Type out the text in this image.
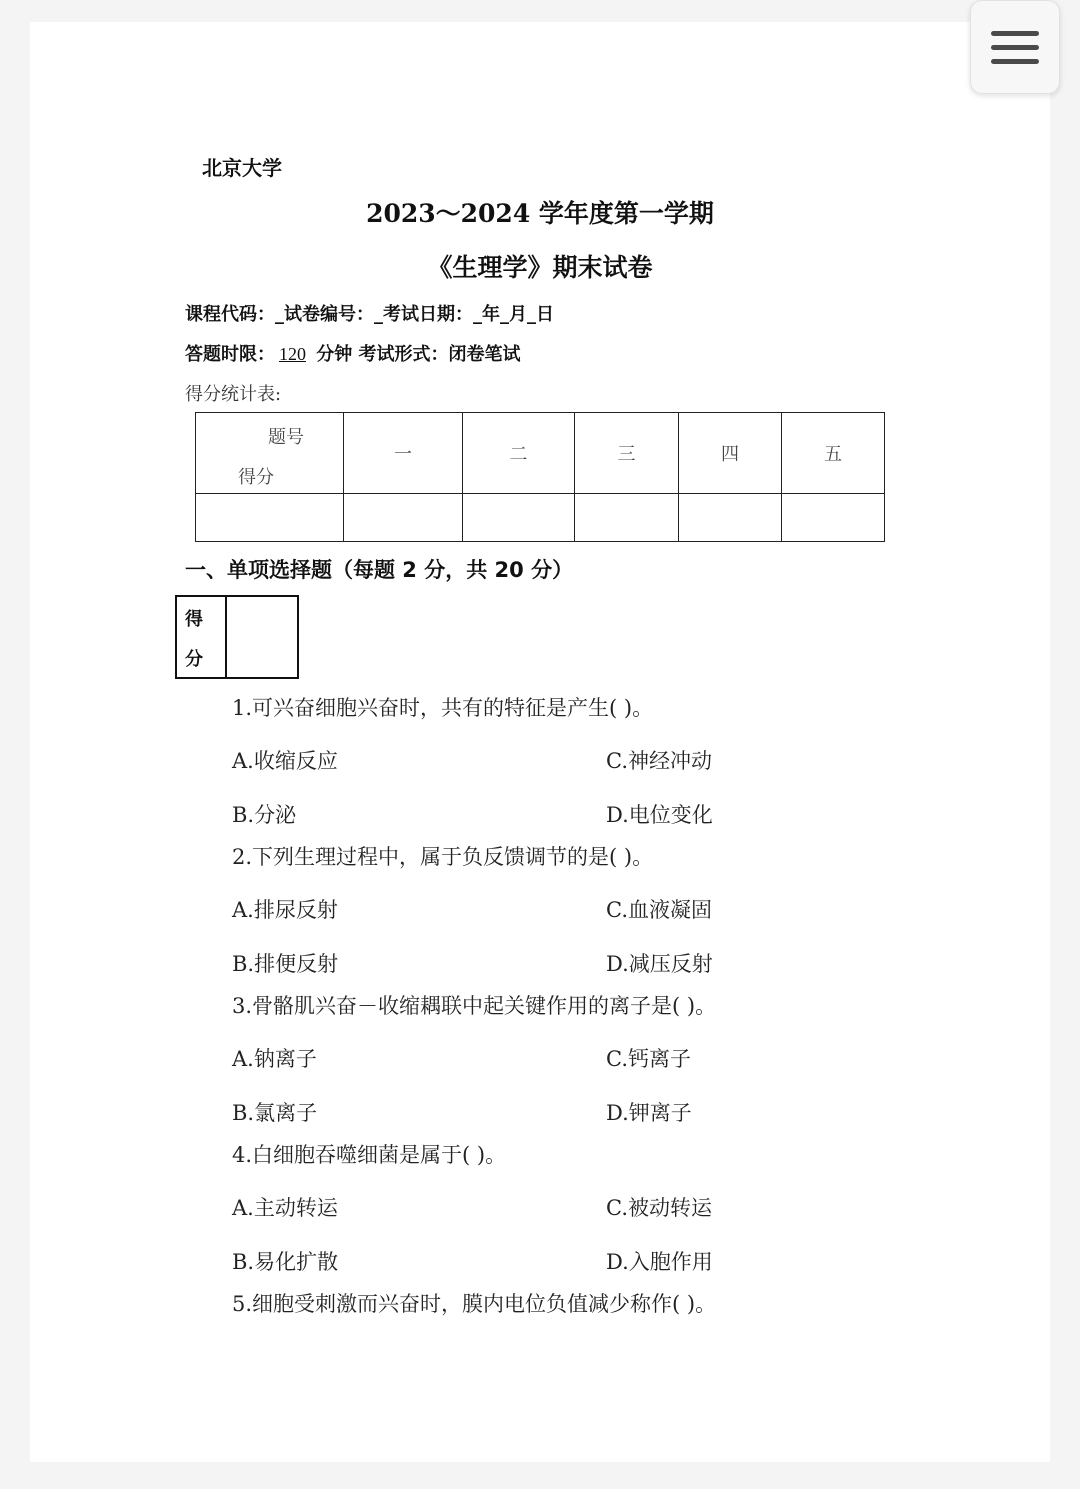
北京大学
2023～2024 学年度第一学期
《生理学》期末试卷
课程代码：_试卷编号：_考试日期：_年_月_日
答题时限： 120 分钟 考试形式：闭卷笔试
得分统计表:
题号
得分	一	二	三	四	五

一、单项选择题（每题 2 分，共 20 分）
得
分

1.可兴奋细胞兴奋时，共有的特征是产生( )。
A.收缩反应	C.神经冲动
B.分泌	D.电位变化
2.下列生理过程中，属于负反馈调节的是( )。
A.排尿反射	C.血液凝固
B.排便反射	D.减压反射
3.骨骼肌兴奋－收缩耦联中起关键作用的离子是( )。
A.钠离子	C.钙离子
B.氯离子	D.钾离子
4.白细胞吞噬细菌是属于( )。
A.主动转运	C.被动转运
B.易化扩散	D.入胞作用
5.细胞受刺激而兴奋时，膜内电位负值减少称作( )。
